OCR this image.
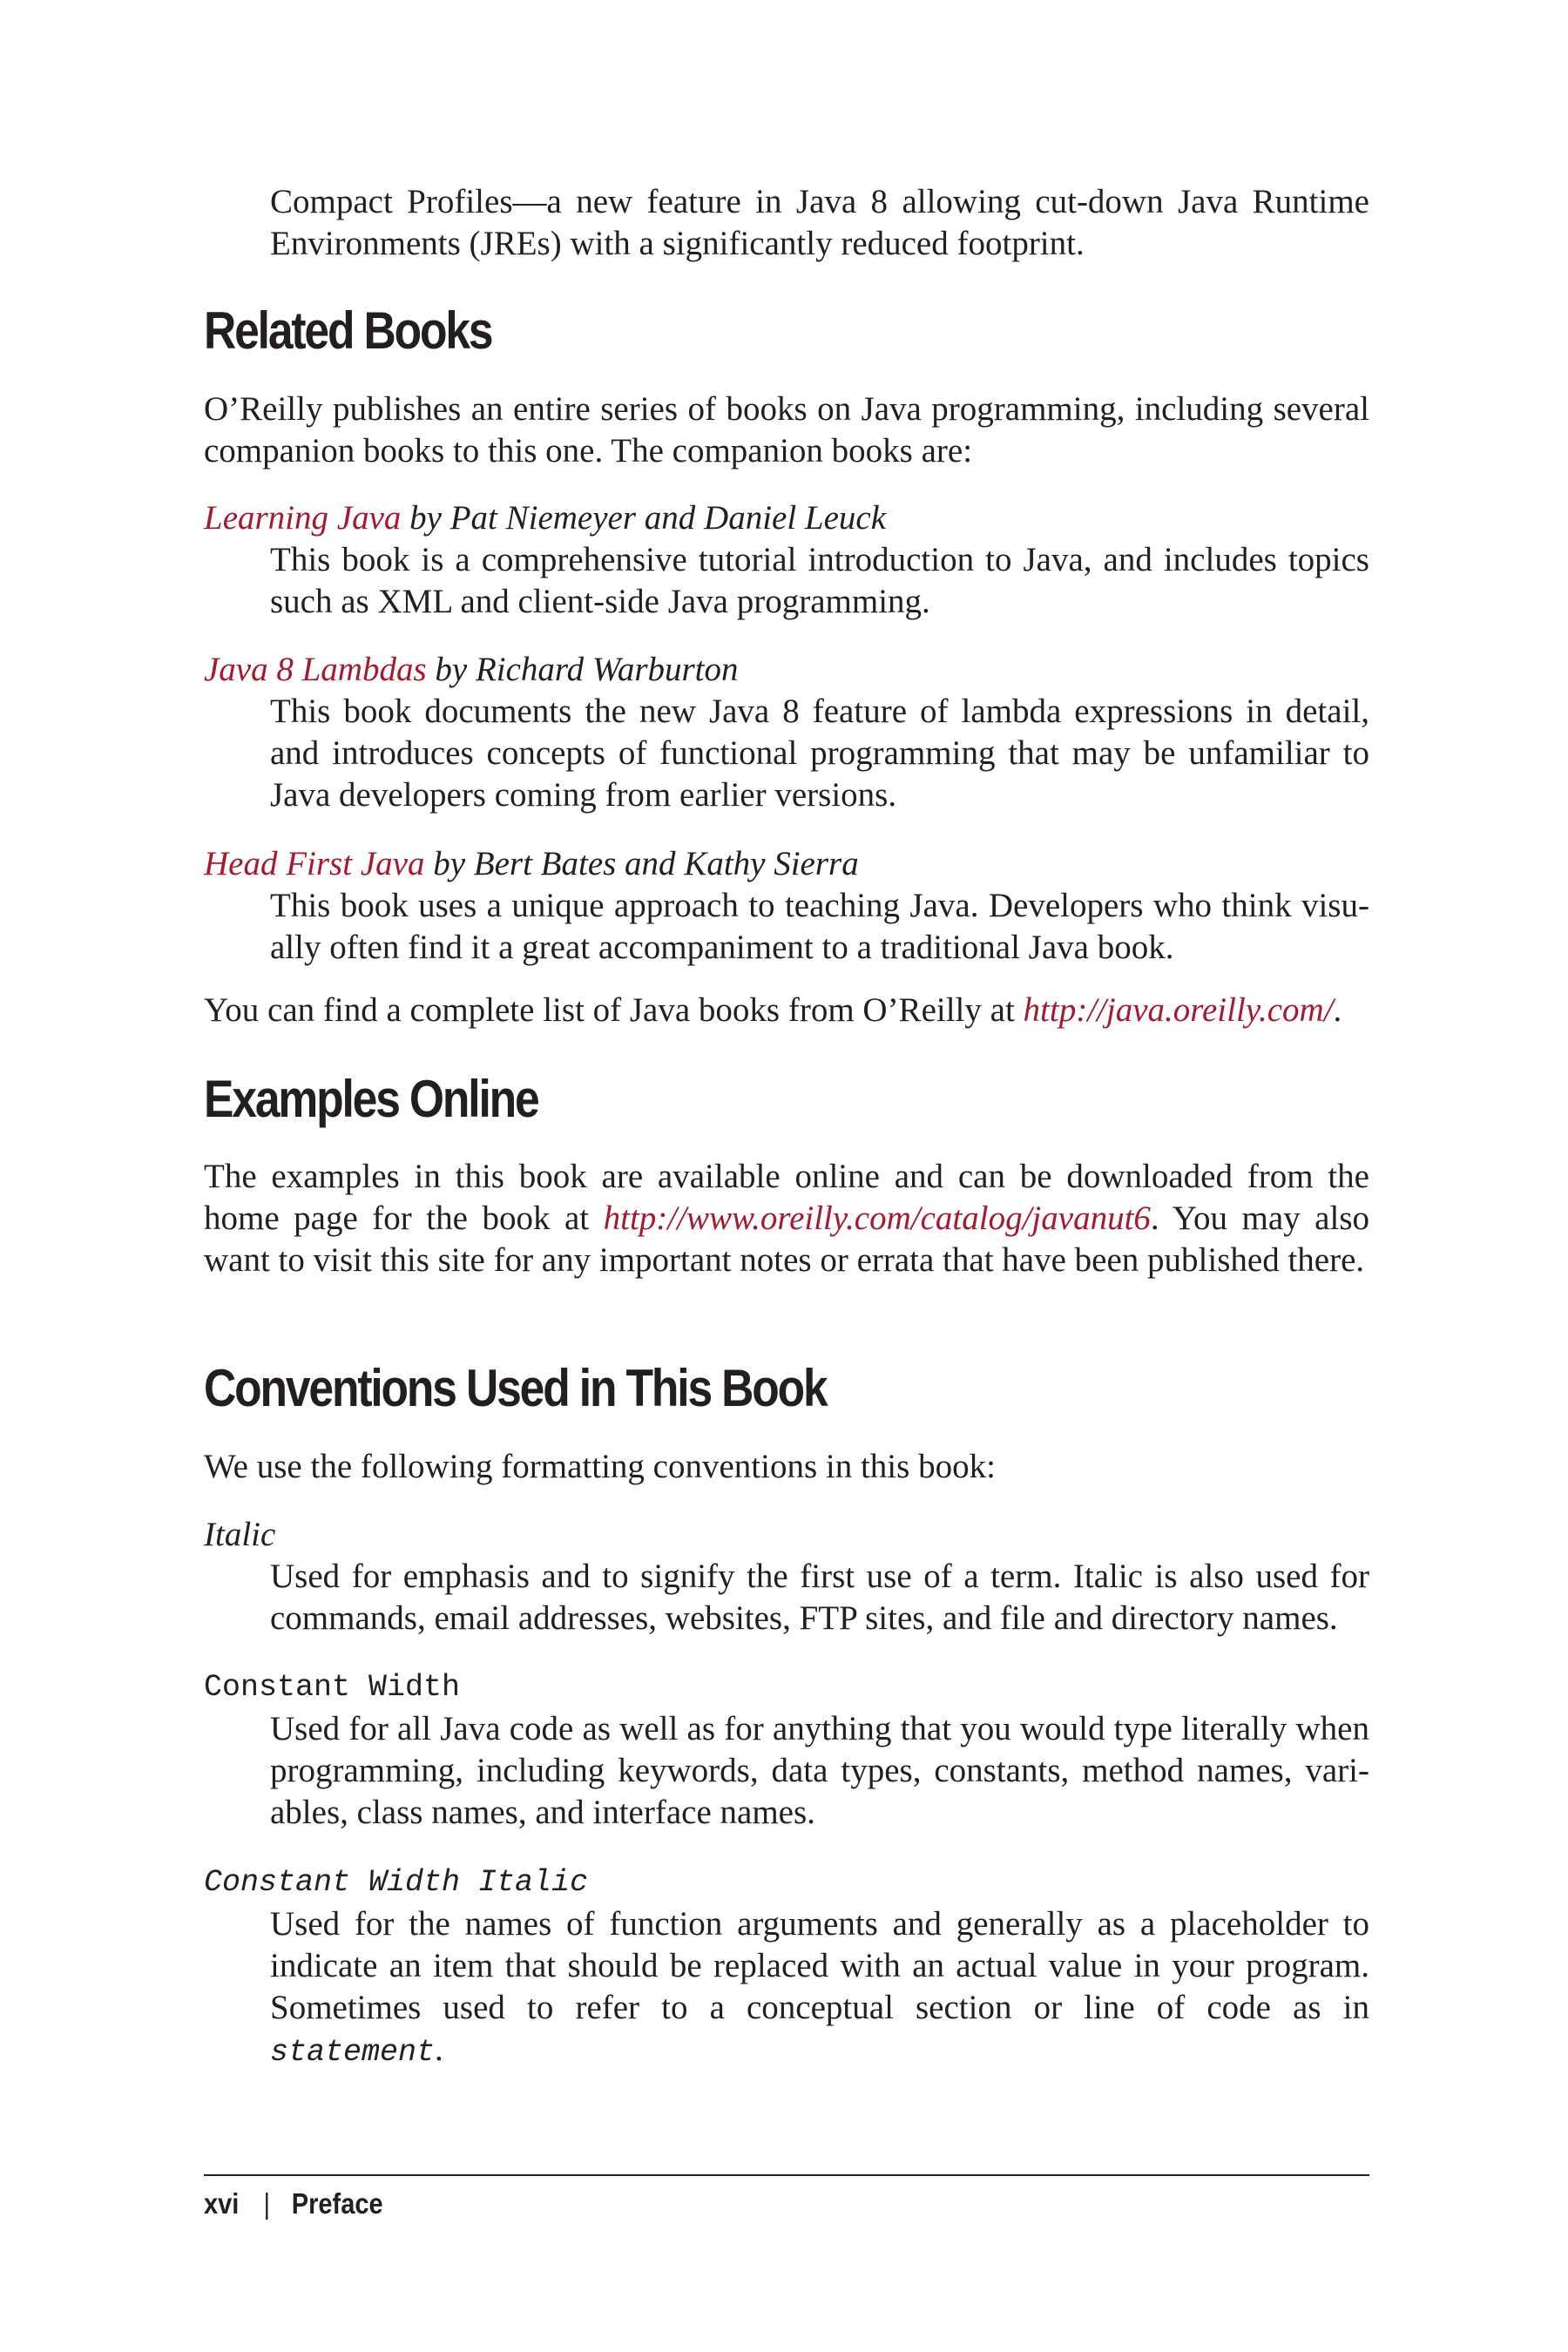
Compact Profiles—a new feature in Java 8 allowing cut-down Java Runtime Environments (JREs) with a significantly reduced footprint.

Related Books

O’Reilly publishes an entire series of books on Java programming, including several companion books to this one. The companion books are:

Learning Java by Pat Niemeyer and Daniel Leuck

This book is a comprehensive tutorial introduction to Java, and includes topics such as XML and client-side Java programming.

Java 8 Lambdas by Richard Warburton

This book documents the new Java 8 feature of lambda expressions in detail, and introduces concepts of functional programming that may be unfamiliar to Java developers coming from earlier versions.

Head First Java by Bert Bates and Kathy Sierra

This book uses a unique approach to teaching Java. Developers who think visually often find it a great accompaniment to a traditional Java book.

You can find a complete list of Java books from O’Reilly at http://java.oreilly.com/.

Examples Online

The examples in this book are available online and can be downloaded from the home page for the book at http://www.oreilly.com/catalog/javanut6. You may also want to visit this site for any important notes or errata that have been published there.

Conventions Used in This Book

We use the following formatting conventions in this book:

Italic

Used for emphasis and to signify the first use of a term. Italic is also used for commands, email addresses, websites, FTP sites, and file and directory names.

Constant Width

Used for all Java code as well as for anything that you would type literally when programming, including keywords, data types, constants, method names, variables, class names, and interface names.

Constant Width Italic

Used for the names of function arguments and generally as a placeholder to indicate an item that should be replaced with an actual value in your program. Sometimes used to refer to a conceptual section or line of code as in statement.

xvi | Preface
